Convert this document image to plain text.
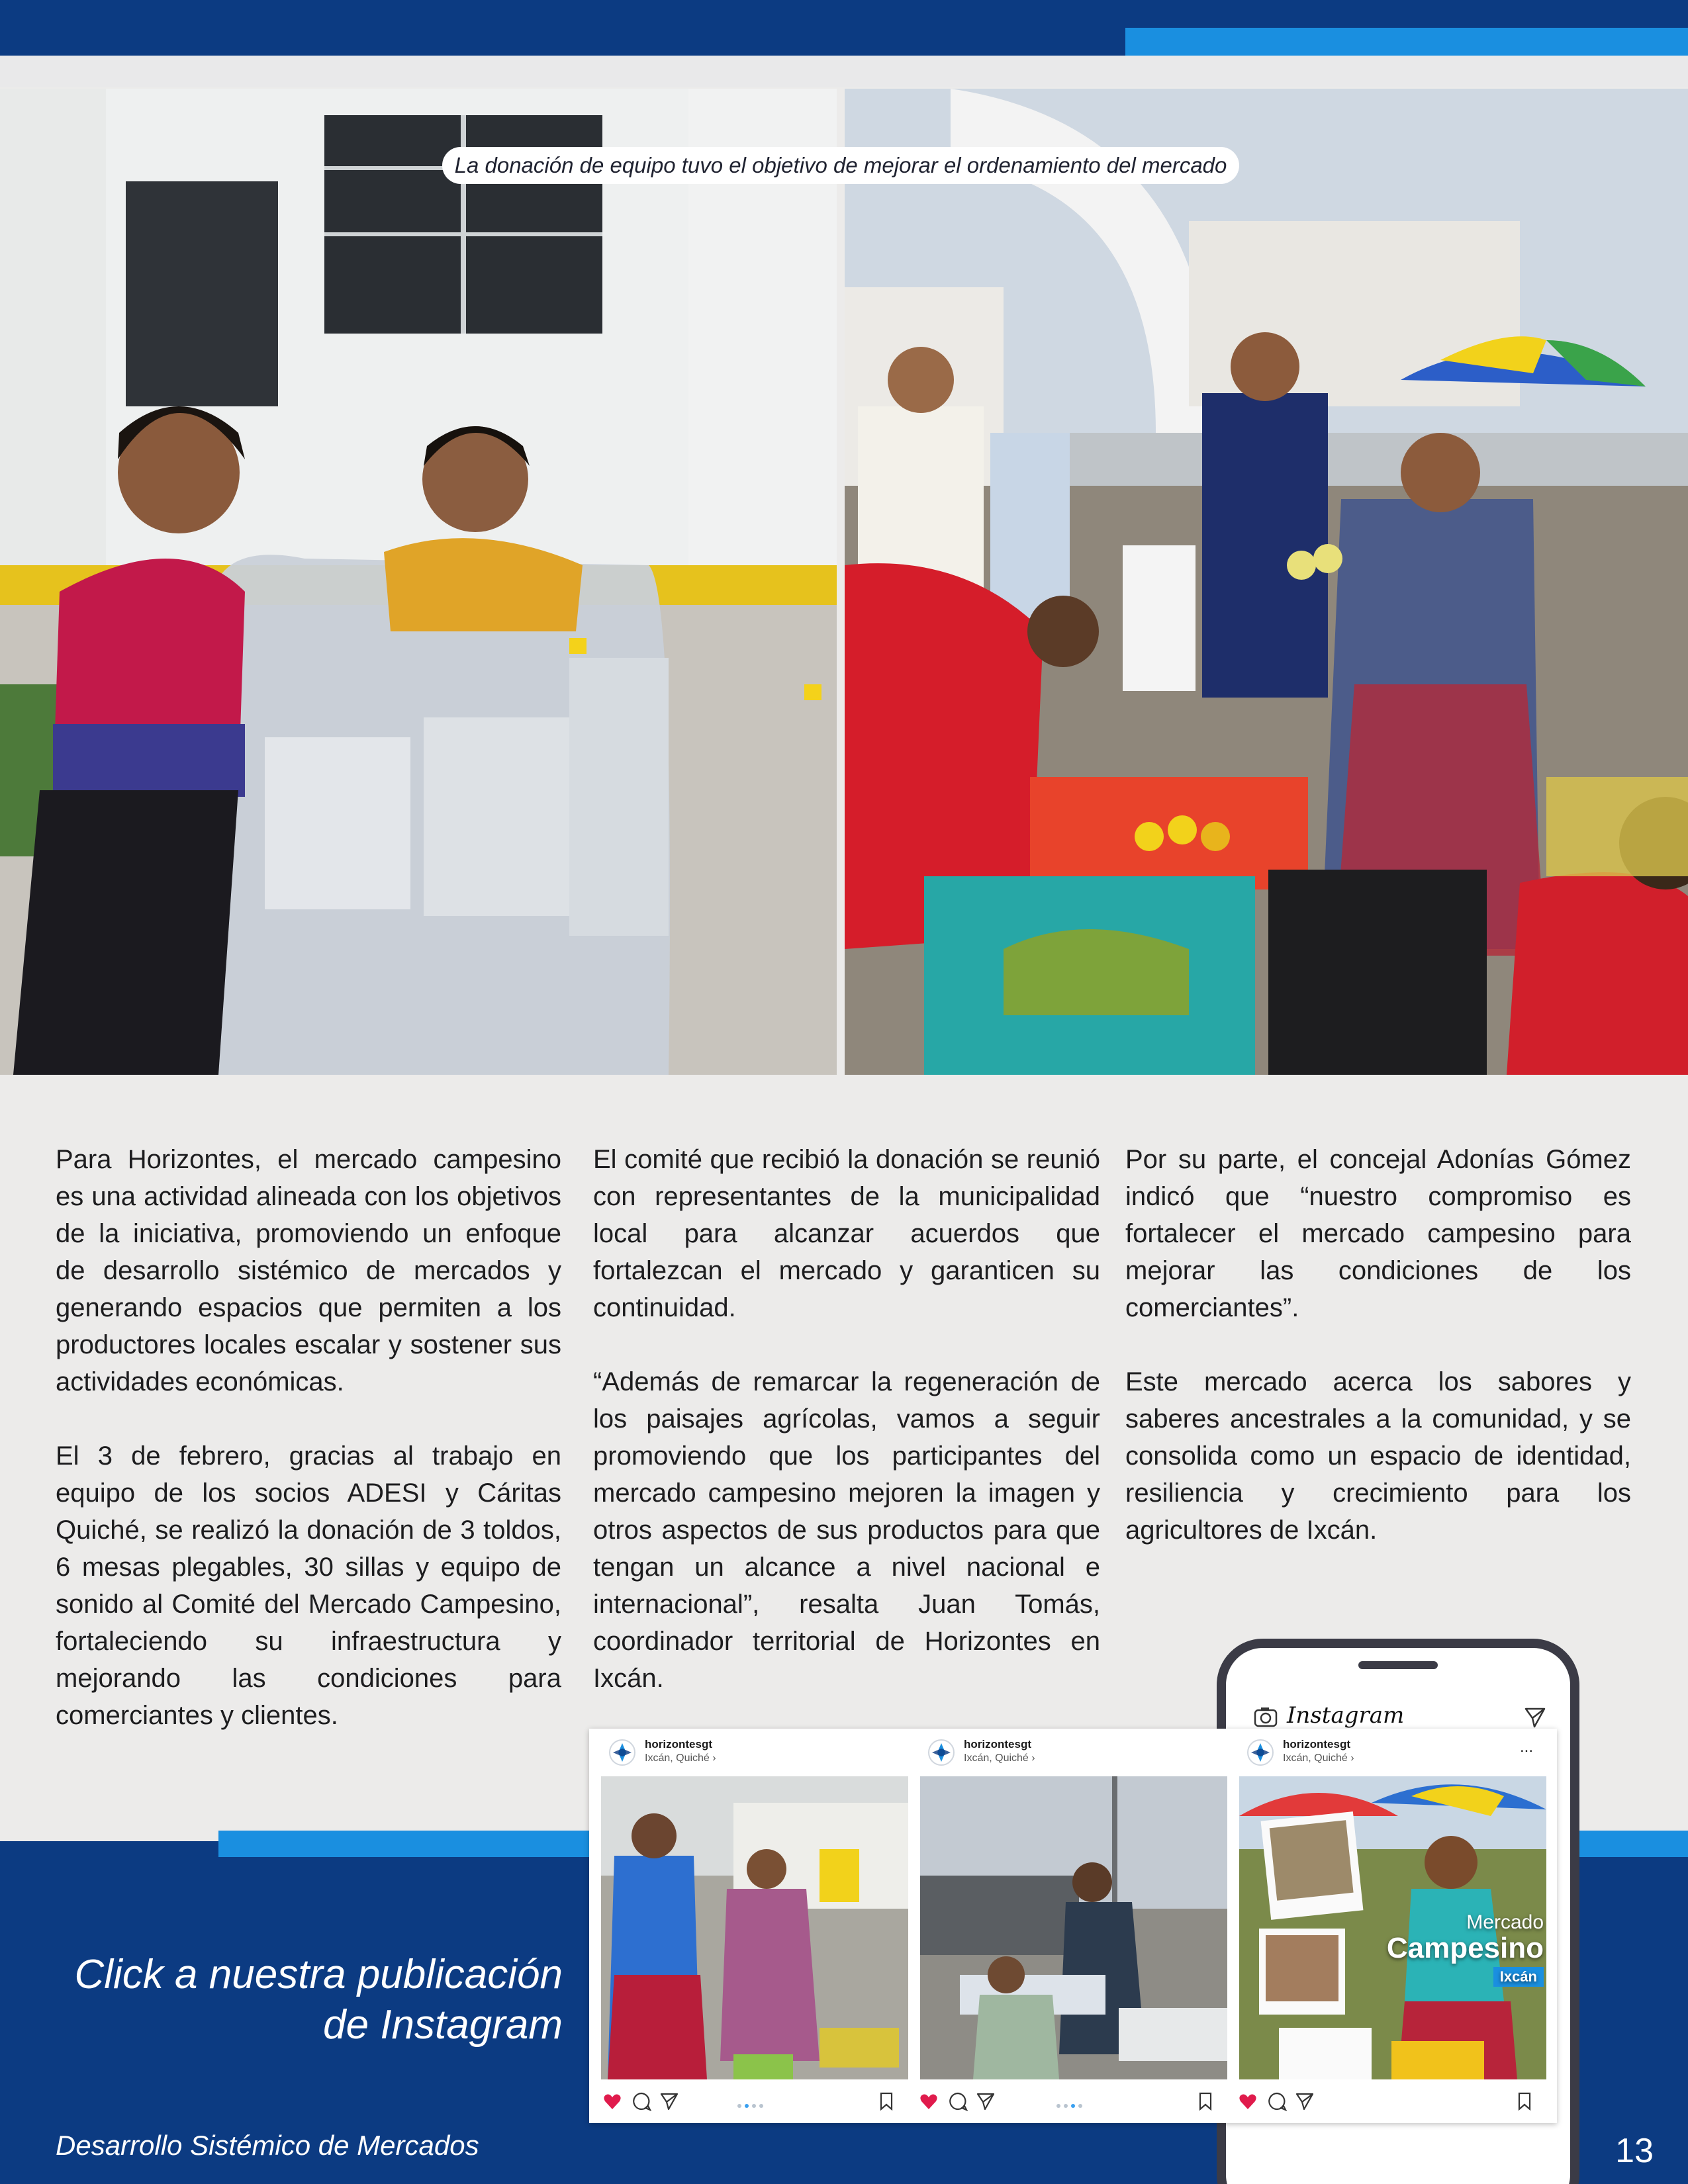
La donación de equipo tuvo el objetivo de mejorar el ordenamiento del mercado

Para Horizontes, el mercado campesino es una actividad alineada con los objetivos de la iniciativa, promoviendo un enfoque de desarrollo sistémico de mercados y generando espacios que permiten a los productores locales escalar y sostener sus actividades económicas.

El 3 de febrero, gracias al trabajo en equipo de los socios ADESI y Cáritas Quiché, se realizó la donación de 3 toldos, 6 mesas plegables, 30 sillas y equipo de sonido al Comité del Mercado Campesino, fortaleciendo su infraestructura y mejorando las condiciones para comerciantes y clientes.

El comité que recibió la donación se reunió con representantes de la municipalidad local para alcanzar acuerdos que fortalezcan el mercado y garanticen su continuidad.

“Además de remarcar la regeneración de los paisajes agrícolas, vamos a seguir promoviendo que los participantes del mercado campesino mejoren la imagen y otros aspectos de sus productos para que tengan un alcance a nivel nacional e internacional”, resalta Juan Tomás, coordinador territorial de Horizontes en Ixcán.

Por su parte, el concejal Adonías Gómez indicó que “nuestro compromiso es fortalecer el mercado campesino para mejorar las condiciones de los comerciantes”.

Este mercado acerca los sabores y saberes ancestrales a la comunidad, y se consolida como un espacio de identidad, resiliencia y crecimiento para los agricultores de Ixcán.

Click a nuestra publicación
de Instagram
Instagram
horizontesgt
Ixcán, Quiché ›
horizontesgt
Ixcán, Quiché ›
horizontesgt
Ixcán, Quiché ›
...
Mercado
Campesino
Ixcán
Desarrollo Sistémico de Mercados	13
